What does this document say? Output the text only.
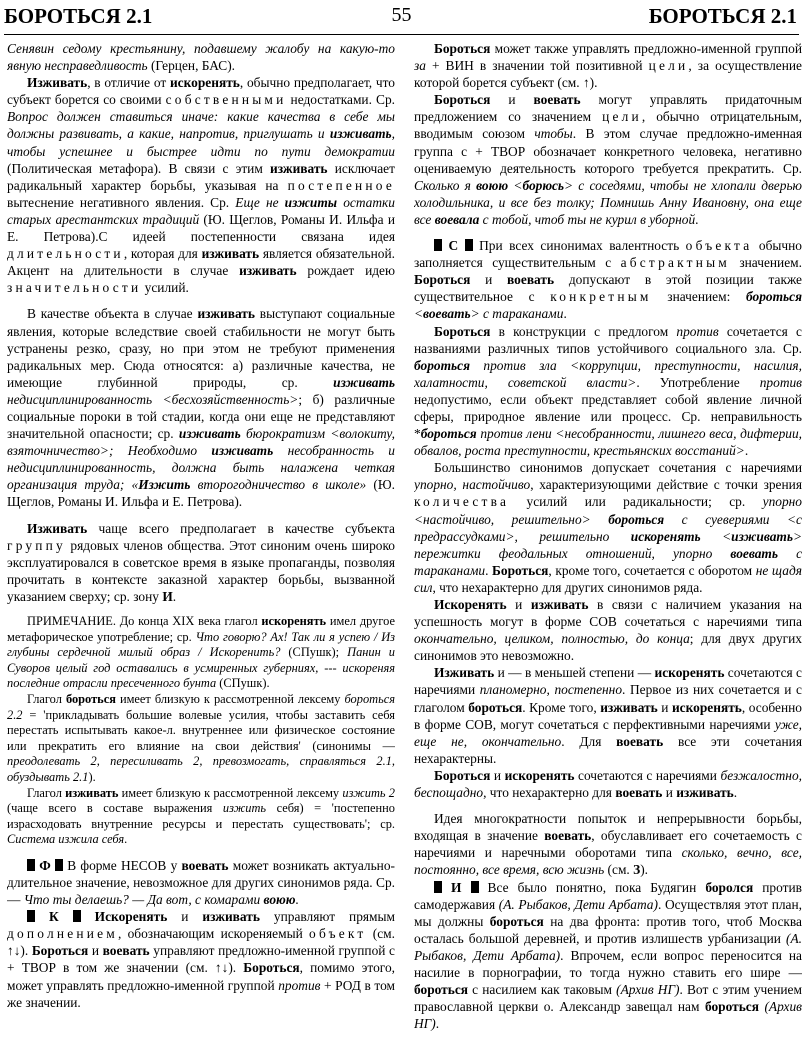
БОРОТЬСЯ 2.1	55	БОРОТЬСЯ 2.1

Сенявин седому крестьянину, подавшему жалобу на какую-то явную несправедливость (Герцен, БАС).

Изживать, в отличие от искоренять, обычно предполагает, что субъект борется со своими собственными недостатками. Ср. Вопрос должен ставиться иначе: какие качества в себе мы должны развивать, а какие, напротив, приглушать и изживать, чтобы успешнее и быстрее идти по пути демократии (Политическая метафора). В связи с этим изживать исключает радикальный характер борьбы, указывая на постепенное вытеснение негативного явления. Ср. Еще не изжиты остатки старых арестантских традиций (Ю. Щеглов, Романы И. Ильфа и Е. Петрова).С идеей постепенности связана идея длительности, которая для изживать является обязательной. Акцент на длительности в случае изживать рождает идею значительности усилий.

В качестве объекта в случае изживать выступают социальные явления, которые вследствие своей стабильности не могут быть устранены резко, сразу, но при этом не требуют применения радикальных мер. Сюда относятся: а) различные качества, не имеющие глубинной природы, ср. изживать недисциплинированность <бесхозяйственность>; б) различные социальные пороки в той стадии, когда они еще не представляют значительной опасности; ср. изживать бюрократизм <волокиту, взяточничество>; Необходимо изживать несобранность и недисциплинированность, должна быть налажена четкая организация труда; «Изжить второгодничество в школе» (Ю. Щеглов, Романы И. Ильфа и Е. Петрова).

Изживать чаще всего предполагает в качестве субъекта группу рядовых членов общества. Этот синоним очень широко эксплуатировался в советское время в языке пропаганды, позволяя прочитать в контексте заказной характер борьбы, вызванной указанием сверху; ср. зону И.

ПРИМЕЧАНИЕ. До конца XIX века глагол искоренять имел другое метафорическое употребление; ср. Что говорю? Ах! Так ли я успею / Из глубины сердечной милый образ / Искоренить? (СПушк); Панин и Суворов целый год оставались в усмиренных губерниях, --- искореняя последние отрасли пресеченного бунта (СПушк).

Глагол бороться имеет близкую к рассмотренной лексему бороться 2.2 = 'прикладывать большие волевые усилия, чтобы заставить себя перестать испытывать какое-л. внутреннее или физическое состояние или прекратить его влияние на свои действия' (синонимы — преодолевать 2, пересиливать 2, превозмогать, справляться 2.1, обуздывать 2.1).

Глагол изживать имеет близкую к рассмотренной лексему изжить 2 (чаще всего в составе выражения изжить себя) = 'постепенно израсходовать внутренние ресурсы и перестать существовать'; ср. Система изжила себя.

Ф  В форме НЕСОВ у воевать может возникать актуально-длительное значение, невозможное для других синонимов ряда. Ср. — Что ты делаешь? — Да вот, с комарами воюю.

К	Искоренять и изживать управляют прямым дополнением, обозначающим искореняемый объект (см. ↑↓). Бороться и воевать управляют предложно-именной группой с + ТВОР в том же значении (см. ↑↓). Бороться, помимо этого, может управлять предложно-именной группой против + РОД в том же значении.

Бороться может также управлять предложно-именной группой за + ВИН в значении той позитивной цели, за осуществление которой борется субъект (см. ↑).

Бороться и воевать могут управлять придаточным предложением со значением цели, обычно отрицательным, вводимым союзом чтобы. В этом случае предложно-именная группа с + ТВОР обозначает конкретного человека, негативно оцениваемую деятельность которого требуется прекратить. Ср. Сколько я воюю <борюсь> с соседями, чтобы не хлопали дверью холодильника, и все без толку; Помнишь Анну Ивановну, она еще все воевала с тобой, чтоб ты не курил в уборной.

С  При всех синонимах валентность объекта обычно заполняется существительным с абстрактным значением. Бороться и воевать допускают в этой позиции также существительное с конкретным значением: бороться <воевать> с тараканами.

Бороться в конструкции с предлогом против сочетается с названиями различных типов устойчивого социального зла. Ср. бороться против зла <коррупции, преступности, насилия, халатности, советской власти>. Употребление против недопустимо, если объект представляет собой явление личной сферы, природное явление или процесс. Ср. неправильность *бороться против лени <несобранности, лишнего веса, дифтерии, обвалов, роста преступности, крестьянских восстаний>.

Большинство синонимов допускает сочетания с наречиями упорно, настойчиво, характеризующими действие с точки зрения количества усилий или радикальности; ср. упорно <настойчиво, решительно> бороться с суевериями <с предрассудками>, решительно искоренять <изживать> пережитки феодальных отношений, упорно воевать с тараканами. Бороться, кроме того, сочетается с оборотом не щадя сил, что нехарактерно для других синонимов ряда.

Искоренять и изживать в связи с наличием указания на успешность могут в форме СОВ сочетаться с наречиями типа окончательно, целиком, полностью, до конца; для двух других синонимов это невозможно.

Изживать и — в меньшей степени — искоренять сочетаются с наречиями планомерно, постепенно. Первое из них сочетается и с глаголом бороться. Кроме того, изживать и искоренять, особенно в форме СОВ, могут сочетаться с перфективными наречиями уже, еще не, окончательно. Для воевать все эти сочетания нехарактерны.

Бороться и искоренять сочетаются с наречиями безжалостно, беспощадно, что нехарактерно для воевать и изживать.

Идея многократности попыток и непрерывности борьбы, входящая в значение воевать, обуславливает его сочетаемость с наречиями и наречными оборотами типа сколько, вечно, все, постоянно, все время, всю жизнь (см. З).

И  Все было понятно, пока Будягин боролся против самодержавия (А. Рыбаков, Дети Арбата). Осуществляя этот план, мы должны бороться на два фронта: против того, чтоб Москва осталась большой деревней, и против излишеств урбанизации (А. Рыбаков, Дети Арбата). Впрочем, если вопрос переносится на насилие в порнографии, то тогда нужно ставить его шире — бороться с насилием как таковым (Архив НГ). Вот с этим учением православной церкви о. Александр завещал нам бороться (Архив НГ).
